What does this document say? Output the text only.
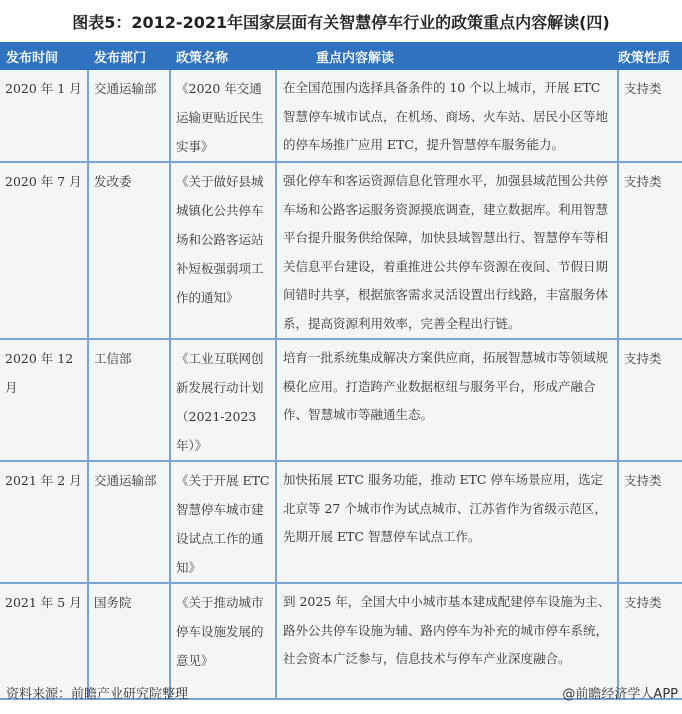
图表5：2012-2021年国家层面有关智慧停车行业的政策重点内容解读(四)
发布时间	发布部门	政策名称	重点内容解读	政策性质
2020 年 1 月	交通运输部	《2020 年交通运输更贴近民生实事》	在全国范围内选择具备条件的 10 个以上城市，开展 ETC 智慧停车城市试点，在机场、商场、火车站、居民小区等地的停车场推广应用 ETC，提升智慧停车服务能力。	支持类
2020 年 7 月	发改委	《关于做好县城城镇化公共停车场和公路客运站补短板强弱项工作的通知》	强化停车和客运资源信息化管理水平，加强县域范围公共停车场和公路客运服务资源摸底调查，建立数据库。利用智慧平台提升服务供给保障，加快县域智慧出行、智慧停车等相关信息平台建设，着重推进公共停车资源在夜间、节假日期间错时共享，根据旅客需求灵活设置出行线路，丰富服务体系，提高资源利用效率，完善全程出行链。	支持类
2020 年 12 月	工信部	《工业互联网创新发展行动计划（2021-2023 年）》	培育一批系统集成解决方案供应商，拓展智慧城市等领域规模化应用。打造跨产业数据枢纽与服务平台，形成产融合作、智慧城市等融通生态。	支持类
2021 年 2 月	交通运输部	《关于开展 ETC 智慧停车城市建设试点工作的通知》	加快拓展 ETC 服务功能，推动 ETC 停车场景应用，选定北京等 27 个城市作为试点城市、江苏省作为省级示范区，先期开展 ETC 智慧停车试点工作。	支持类
2021 年 5 月	国务院	《关于推动城市停车设施发展的意见》	到 2025 年，全国大中小城市基本建成配建停车设施为主、路外公共停车设施为辅、路内停车为补充的城市停车系统，社会资本广泛参与，信息技术与停车产业深度融合。	支持类
资料来源：前瞻产业研究院整理	@前瞻经济学人APP
